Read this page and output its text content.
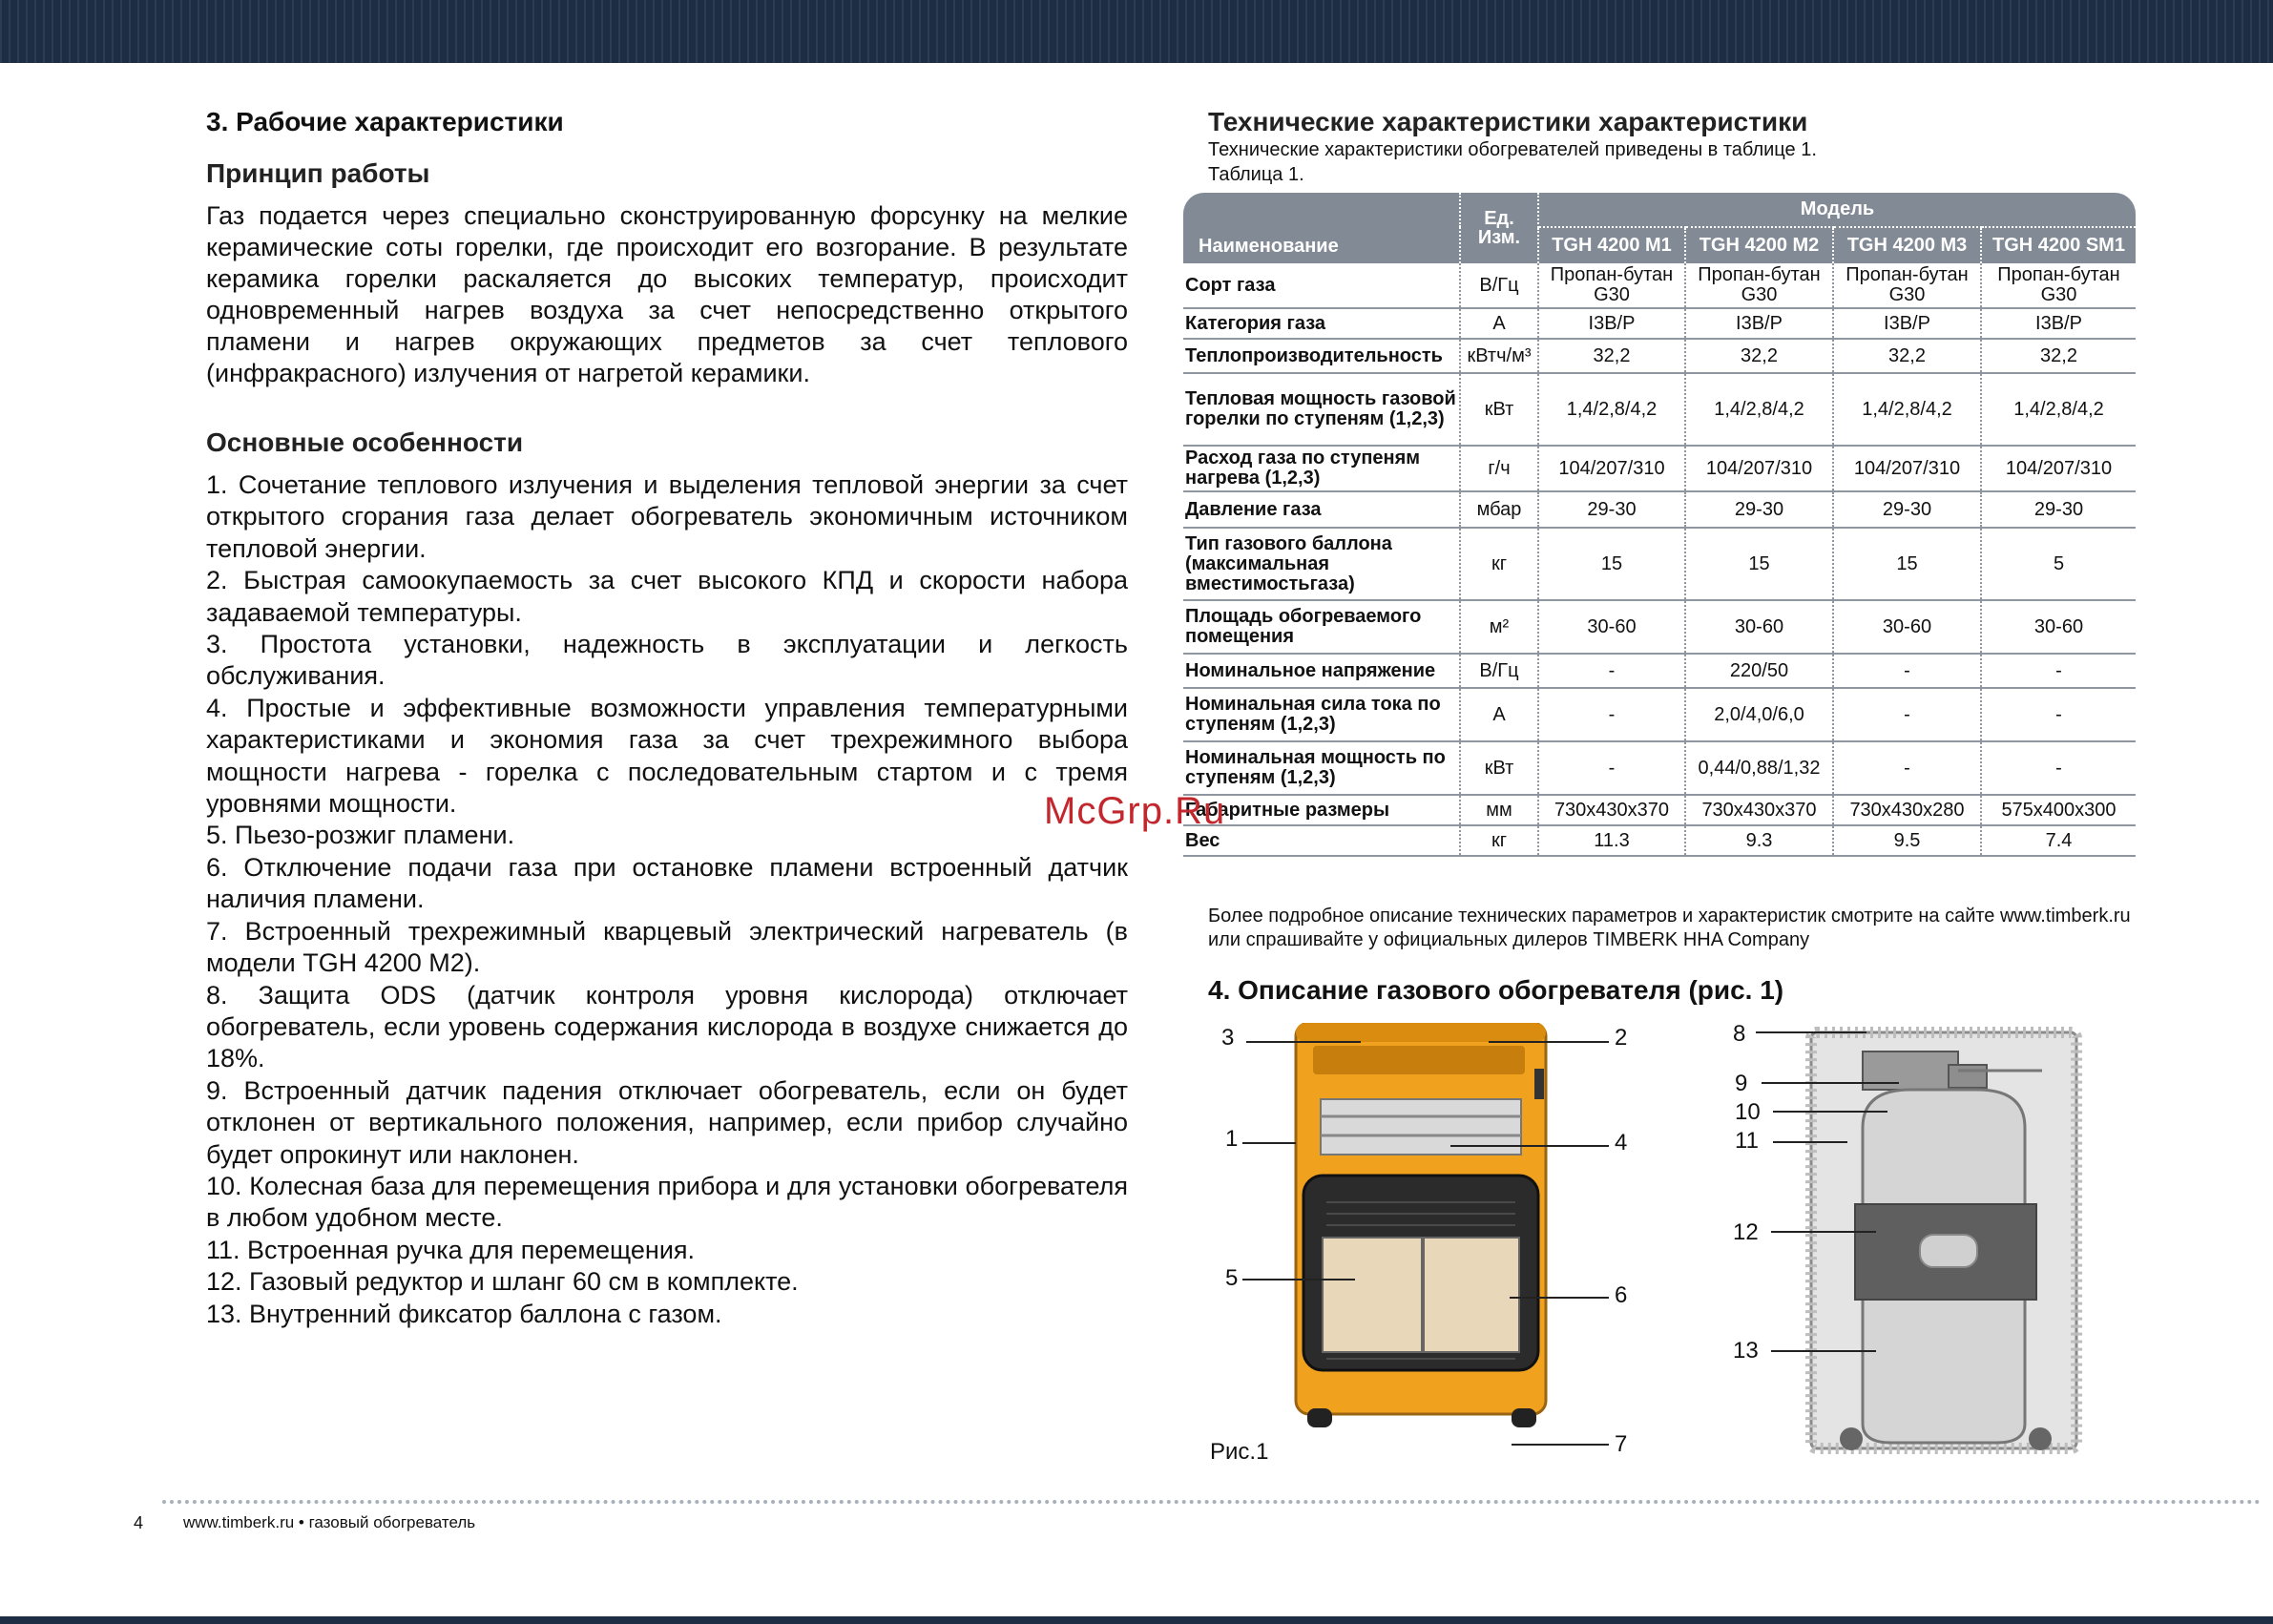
3. Рабочие характеристики
Принцип работы
Газ подается через специально сконструированную форсунку на мелкие керамические соты горелки, где происходит его возгорание. В результате керамика горелки раскаляется до высоких температур, происходит одновременный нагрев воздуха за счет непосредственно открытого пламени и нагрев окружающих предметов за счет теплового (инфракрасного) излучения от нагретой керамики.
Основные особенности
1. Сочетание теплового излучения и выделения тепловой энергии за счет открытого сгорания газа делает обогреватель экономичным источником тепловой энергии.
2. Быстрая самоокупаемость за счет высокого КПД и скорости набора задаваемой температуры.
3. Простота установки, надежность в эксплуатации и легкость обслуживания.
4. Простые и эффективные возможности управления температурными характеристиками и экономия газа за счет трехрежимного выбора мощности нагрева - горелка с последовательным стартом и с тремя уровнями мощности.
5. Пьезо-розжиг пламени.
6. Отключение подачи газа при остановке пламени встроенный датчик наличия пламени.
7. Встроенный трехрежимный кварцевый электрический нагреватель (в модели TGH 4200 M2).
8. Защита ODS (датчик контроля уровня кислорода) отключает обогреватель, если уровень содержания кислорода в воздухе снижается до 18%.
9. Встроенный датчик падения отключает обогреватель, если он будет отклонен от вертикального положения, например, если прибор случайно будет опрокинут или наклонен.
10. Колесная база для перемещения прибора и для установки обогревателя в любом удобном месте.
11. Встроенная ручка для перемещения.
12. Газовый редуктор и шланг 60 см в комплекте.
13. Внутренний фиксатор баллона с газом.
Технические характеристики характеристики
Технические характеристики обогревателей приведены в таблице 1.
Таблица 1.
Наименование	Ед. Изм.	Модель			
		TGH 4200 M1	TGH 4200 M2	TGH 4200 M3	TGH 4200 SM1
Сорт газа	В/Гц	Пропан-бутан G30	Пропан-бутан G30	Пропан-бутан G30	Пропан-бутан G30
Категория газа	А	I3B/P	I3B/P	I3B/P	I3B/P
Теплопроизводительность	кВтч/м³	32,2	32,2	32,2	32,2
Тепловая мощность газовой горелки по ступеням (1,2,3)	кВт	1,4/2,8/4,2	1,4/2,8/4,2	1,4/2,8/4,2	1,4/2,8/4,2
Расход газа по ступеням нагрева (1,2,3)	г/ч	104/207/310	104/207/310	104/207/310	104/207/310
Давление газа	мбар	29-30	29-30	29-30	29-30
Тип газового баллона (максимальная вместимостьгаза)	кг	15	15	15	5
Площадь обогреваемого помещения	м²	30-60	30-60	30-60	30-60
Номинальное напряжение	В/Гц	-	220/50	-	-
Номинальная сила тока по ступеням (1,2,3)	А	-	2,0/4,0/6,0	-	-
Номинальная мощность по ступеням (1,2,3)	кВт	-	0,44/0,88/1,32	-	-
Габаритные размеры	мм	730x430x370	730x430x370	730x430x280	575x400x300
Вес	кг	11.3	9.3	9.5	7.4
Более подробное описание технических параметров и характеристик смотрите на сайте www.timberk.ru или спрашивайте у официальных дилеров TIMBERK HHA Company
4. Описание газового обогревателя (рис. 1)
3	2
1	4
5
6
7
8
9
10
11
12
13
Рис.1
McGrp.Ru
4 www.timberk.ru • газовый обогреватель
